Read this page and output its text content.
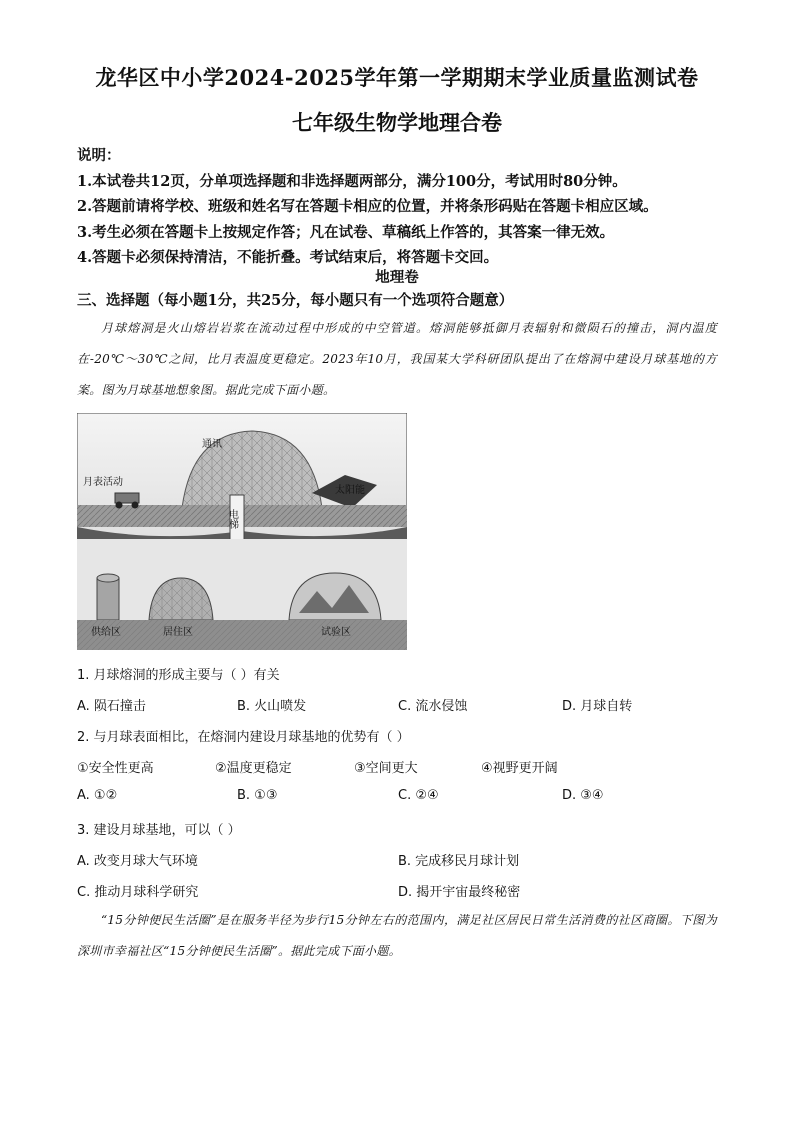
龙华区中小学2024-2025学年第一学期期末学业质量监测试卷
七年级生物学地理合卷
说明：
1.本试卷共12页，分单项选择题和非选择题两部分，满分100分，考试用时80分钟。
2.答题前请将学校、班级和姓名写在答题卡相应的位置，并将条形码贴在答题卡相应区域。
3.考生必须在答题卡上按规定作答；凡在试卷、草稿纸上作答的，其答案一律无效。
4.答题卡必须保持清洁，不能折叠。考试结束后，将答题卡交回。
地理卷
三、选择题（每小题1分，共25分，每小题只有一个选项符合题意）
月球熔洞是火山熔岩岩浆在流动过程中形成的中空管道。熔洞能够抵御月表辐射和微陨石的撞击，洞内温度在-20℃～30℃之间，比月表温度更稳定。2023年10月，我国某大学科研团队提出了在熔洞中建设月球基地的方案。图为月球基地想象图。据此完成下面小题。
通讯
月表活动
太阳能
电梯
供给区	居住区	试验区
1. 月球熔洞的形成主要与（ ）有关
A. 陨石撞击	B. 火山喷发	C. 流水侵蚀	D. 月球自转
2. 与月球表面相比，在熔洞内建设月球基地的优势有（ ）
①安全性更高	②温度更稳定	③空间更大	④视野更开阔
A. ①②	B. ①③	C. ②④	D. ③④
3. 建设月球基地，可以（ ）
A. 改变月球大气环境	B. 完成移民月球计划
C. 推动月球科学研究	D. 揭开宇宙最终秘密
“15分钟便民生活圈”是在服务半径为步行15分钟左右的范围内，满足社区居民日常生活消费的社区商圈。下图为深圳市幸福社区“15分钟便民生活圈”。据此完成下面小题。
